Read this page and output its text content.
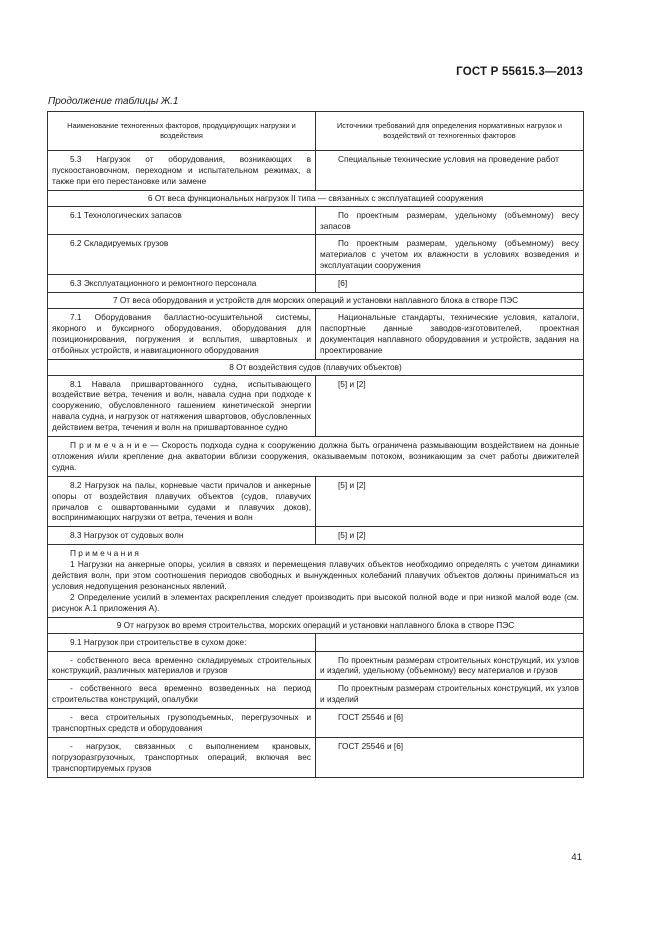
ГОСТ Р 55615.3—2013
Продолжение таблицы Ж.1
Наименование техногенных факторов, продуцирующих нагрузки и воздействия	Источники требований для определения нормативных нагрузок и воздействий от техногенных факторов
5.3 Нагрузок от оборудования, возникающих в пускоостановочном, переходном и испытательном режимах, а также при его перестановке или замене	Специальные технические условия на проведение работ
6 От веса функциональных нагрузок II типа — связанных с эксплуатацией сооружения	
6.1 Технологических запасов	По проектным размерам, удельному (объемному) весу запасов
6.2 Складируемых грузов	По проектным размерам, удельному (объемному) весу материалов с учетом их влажности в условиях возведения и эксплуатации сооружения
6.3 Эксплуатационного и ремонтного персонала	[6]
7 От веса оборудования и устройств для морских операций и установки наплавного блока в створе ПЭС	
7.1 Оборудования балластно-осушительной системы, якорного и буксирного оборудования, оборудования для позиционирования, погружения и всплытия, швартовных и отбойных устройств, и навигационного оборудования	Национальные стандарты, технические условия, каталоги, паспортные данные заводов-изготовителей, проектная документация наплавного оборудования и устройств, задания на проектирование
8 От воздействия судов (плавучих объектов)	
8.1 Навала пришвартованного судна, испытывающего воздействие ветра, течения и волн, навала судна при подходе к сооружению, обусловленного гашением кинетической энергии навала судна, и нагрузок от натяжения швартовов, обусловленных действием ветра, течения и волн на пришвартованное судно	[5] и [2]
П р и м е ч а н и е — Скорость подхода судна к сооружению должна быть ограничена размывающим воздействием на донные отложения и/или крепление дна акватории вблизи сооружения, оказываемым потоком, возникающим за счет работы движителей судна.	
8.2 Нагрузок на палы, корневые части причалов и анкерные опоры от воздействия плавучих объектов (судов, плавучих причалов с ошвартованными судами и плавучих доков), воспринимающих нагрузки от ветра, течения и волн	[5] и [2]
8.3 Нагрузок от судовых волн	[5] и [2]

П р и м е ч а н и я
1 Нагрузки на анкерные опоры, усилия в связях и перемещения плавучих объектов необходимо определять с учетом динамики действия волн, при этом соотношения периодов свободных и вынужденных колебаний плавучих объектов должны приниматься из условия недопущения резонансных явлений.
2 Определение усилий в элементах раскрепления следует производить при высокой полной воде и при низкой малой воде (см. рисунок А.1 приложения А).	

9 От нагрузок во время строительства, морских операций и установки наплавного блока в створе ПЭС	
9.1 Нагрузок при строительстве в сухом доке:	
- собственного веса временно складируемых строительных конструкций, различных материалов и грузов	По проектным размерам строительных конструкций, их узлов и изделий, удельному (объемному) весу материалов и грузов
- собственного веса временно возведенных на период строительства конструкций, опалубки	По проектным размерам строительных конструкций, их узлов и изделий
- веса строительных грузоподъемных, перегрузочных и транспортных средств и оборудования	ГОСТ 25546 и [6]
- нагрузок, связанных с выполнением крановых, погрузоразгрузочных, транспортных операций, включая вес транспортируемых грузов	ГОСТ 25546 и [6]
41
